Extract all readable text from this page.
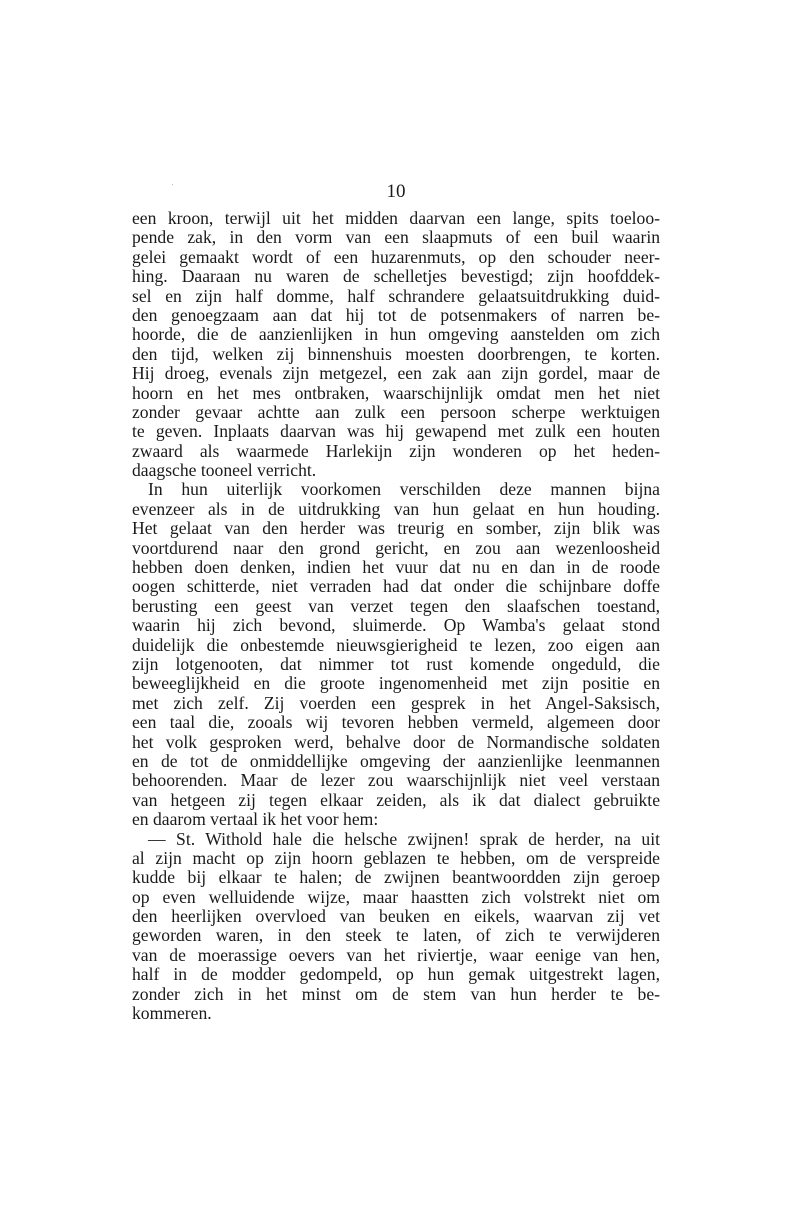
10
een kroon, terwijl uit het midden daarvan een lange, spits toeloo-
pende zak, in den vorm van een slaapmuts of een buil waarin
gelei gemaakt wordt of een huzarenmuts, op den schouder neer-
hing. Daaraan nu waren de schelletjes bevestigd; zijn hoofddek-
sel en zijn half domme, half schrandere gelaatsuitdrukking duid-
den genoegzaam aan dat hij tot de potsenmakers of narren be-
hoorde, die de aanzienlijken in hun omgeving aanstelden om zich
den tijd, welken zij binnenshuis moesten doorbrengen, te korten.
Hij droeg, evenals zijn metgezel, een zak aan zijn gordel, maar de
hoorn en het mes ontbraken, waarschijnlijk omdat men het niet
zonder gevaar achtte aan zulk een persoon scherpe werktuigen
te geven. Inplaats daarvan was hij gewapend met zulk een houten
zwaard als waarmede Harlekijn zijn wonderen op het heden-
daagsche tooneel verricht.
In hun uiterlijk voorkomen verschilden deze mannen bijna
evenzeer als in de uitdrukking van hun gelaat en hun houding.
Het gelaat van den herder was treurig en somber, zijn blik was
voortdurend naar den grond gericht, en zou aan wezenloosheid
hebben doen denken, indien het vuur dat nu en dan in de roode
oogen schitterde, niet verraden had dat onder die schijnbare doffe
berusting een geest van verzet tegen den slaafschen toestand,
waarin hij zich bevond, sluimerde. Op Wamba's gelaat stond
duidelijk die onbestemde nieuwsgierigheid te lezen, zoo eigen aan
zijn lotgenooten, dat nimmer tot rust komende ongeduld, die
beweeglijkheid en die groote ingenomenheid met zijn positie en
met zich zelf. Zij voerden een gesprek in het Angel-Saksisch,
een taal die, zooals wij tevoren hebben vermeld, algemeen door
het volk gesproken werd, behalve door de Normandische soldaten
en de tot de onmiddellijke omgeving der aanzienlijke leenmannen
behoorenden. Maar de lezer zou waarschijnlijk niet veel verstaan
van hetgeen zij tegen elkaar zeiden, als ik dat dialect gebruikte
en daarom vertaal ik het voor hem:
— St. Withold hale die helsche zwijnen! sprak de herder, na uit
al zijn macht op zijn hoorn geblazen te hebben, om de verspreide
kudde bij elkaar te halen; de zwijnen beantwoordden zijn geroep
op even welluidende wijze, maar haastten zich volstrekt niet om
den heerlijken overvloed van beuken en eikels, waarvan zij vet
geworden waren, in den steek te laten, of zich te verwijderen
van de moerassige oevers van het riviertje, waar eenige van hen,
half in de modder gedompeld, op hun gemak uitgestrekt lagen,
zonder zich in het minst om de stem van hun herder te be-
kommeren.
